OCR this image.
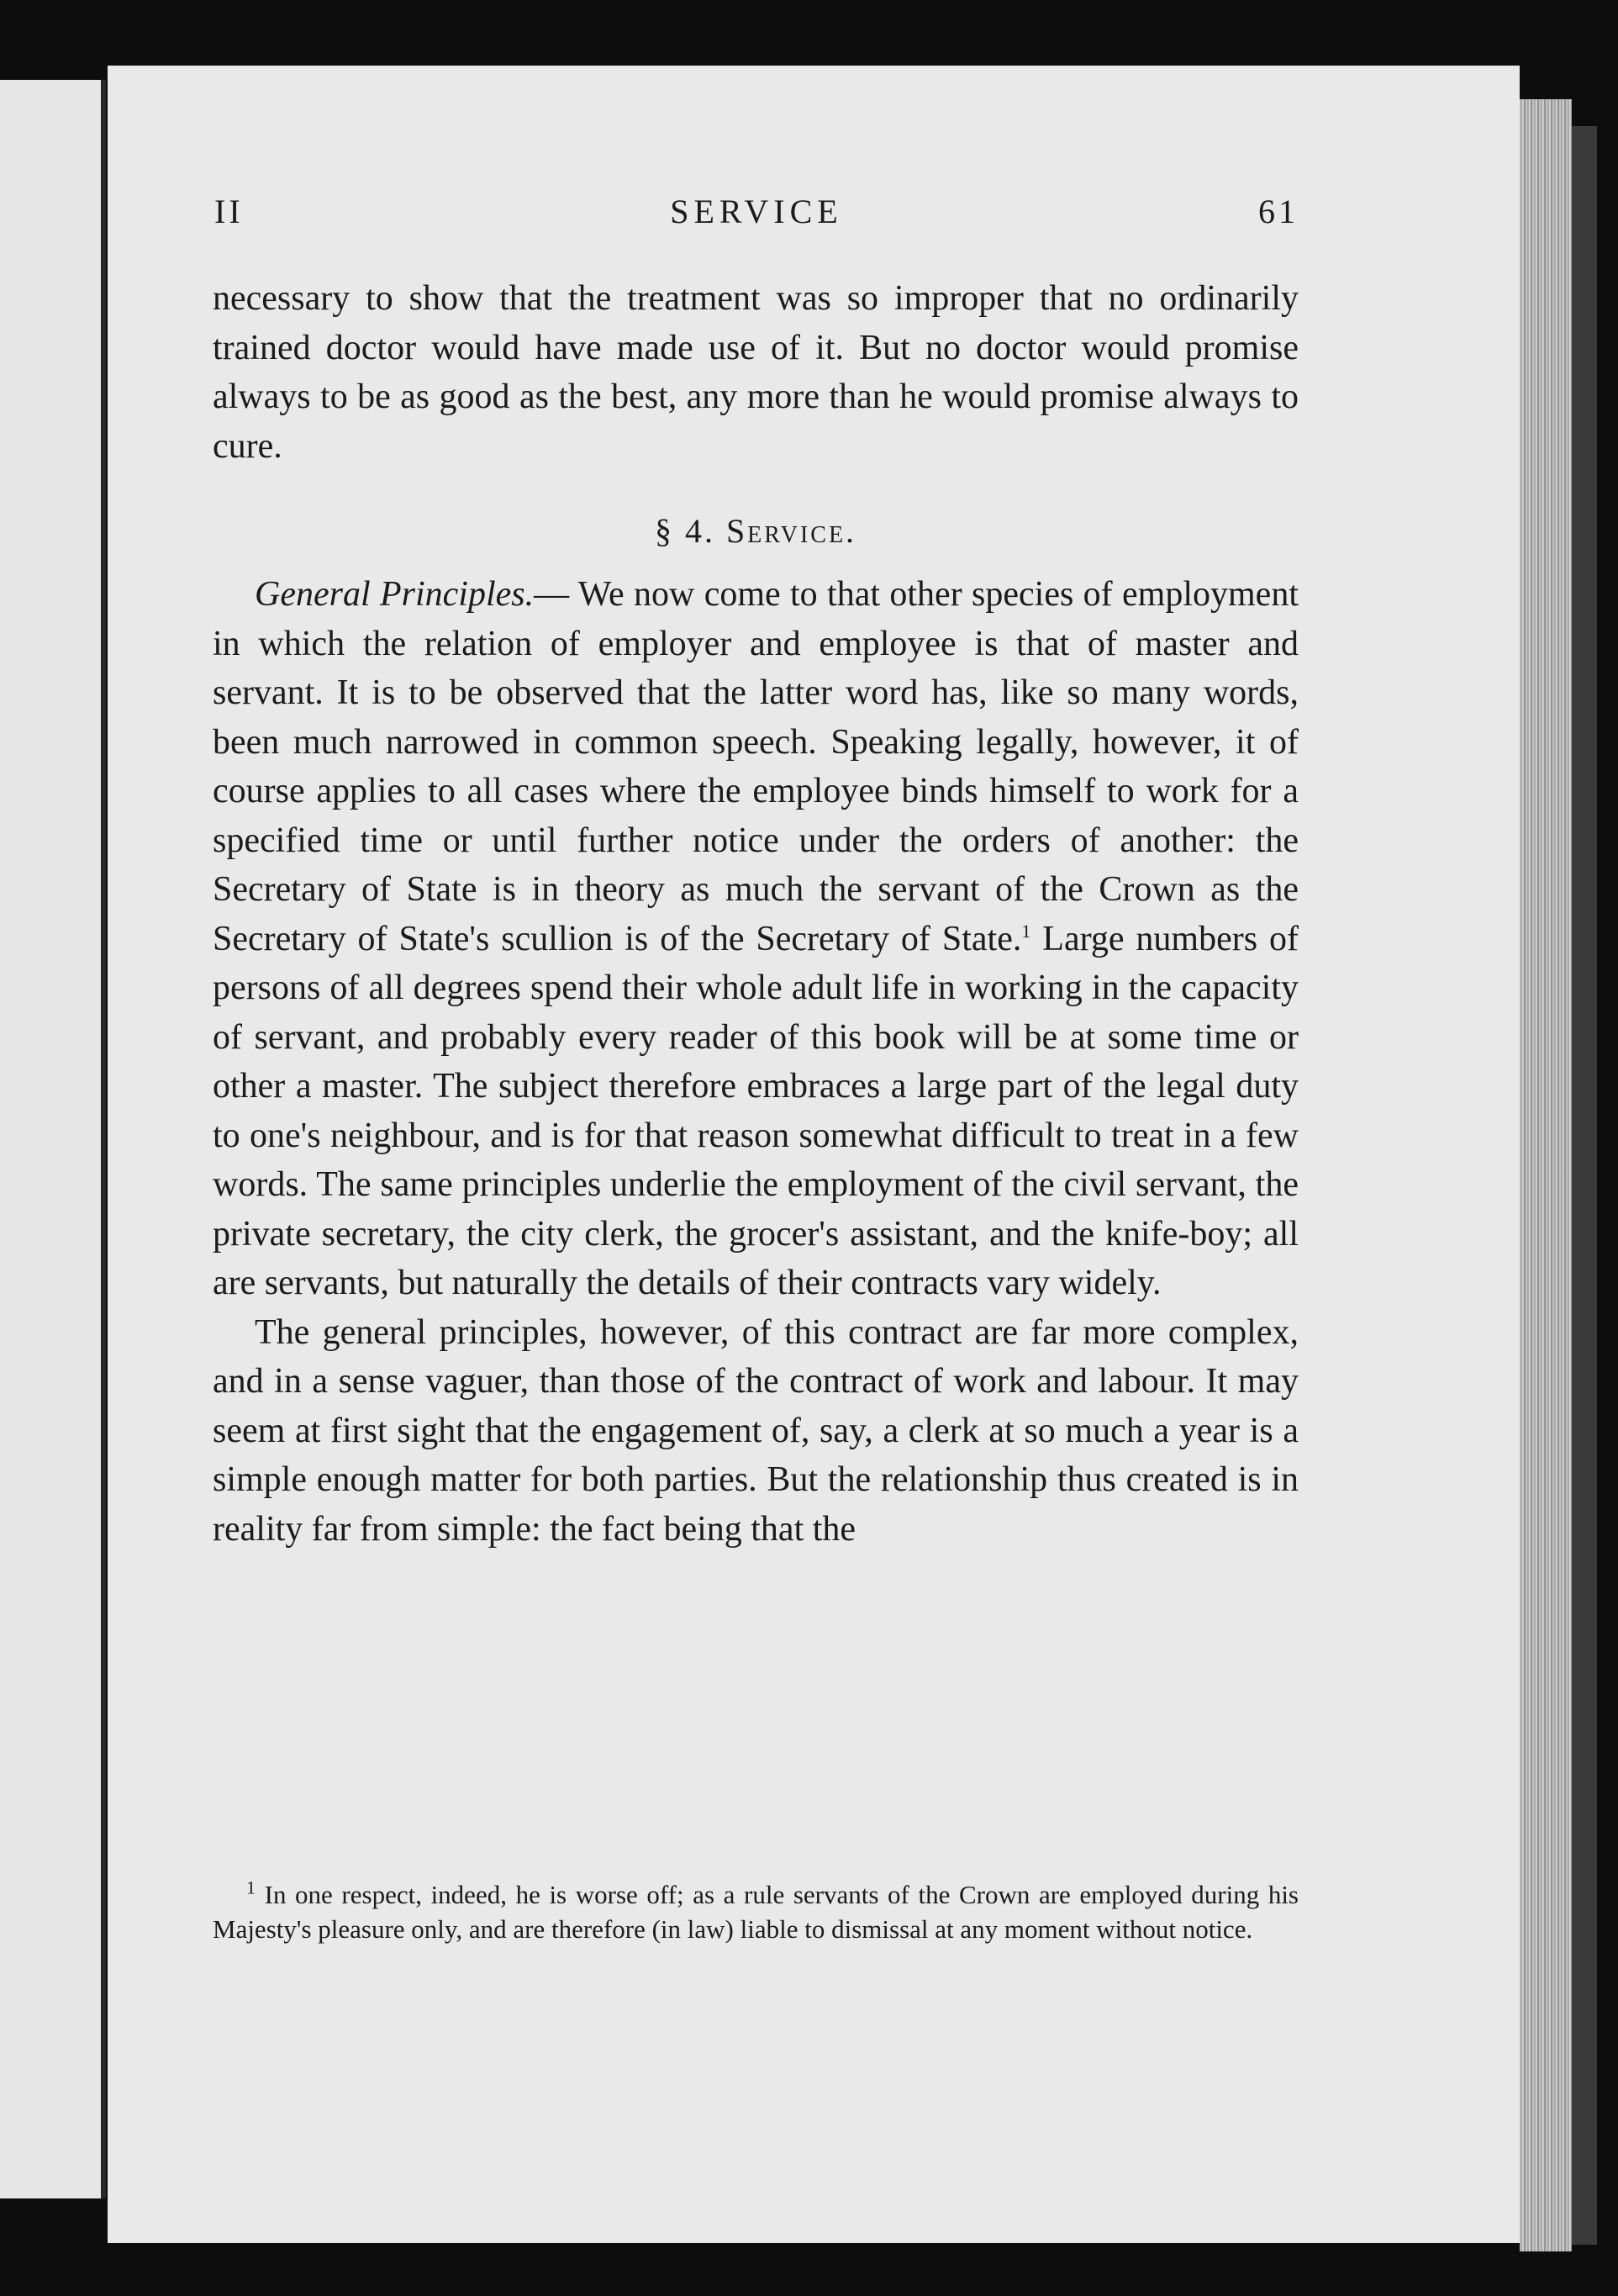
II	SERVICE	61

necessary to show that the treatment was so improper that no ordinarily trained doctor would have made use of it. But no doctor would promise always to be as good as the best, any more than he would promise always to cure.

§ 4. Service.

General Principles.— We now come to that other species of employment in which the relation of employer and employee is that of master and servant. It is to be observed that the latter word has, like so many words, been much narrowed in common speech. Speaking legally, however, it of course applies to all cases where the employee binds himself to work for a specified time or until further notice under the orders of another: the Secretary of State is in theory as much the servant of the Crown as the Secretary of State's scullion is of the Secretary of State.$^1$ Large numbers of persons of all degrees spend their whole adult life in working in the capacity of servant, and probably every reader of this book will be at some time or other a master. The subject therefore embraces a large part of the legal duty to one's neighbour, and is for that reason somewhat difficult to treat in a few words. The same principles underlie the employment of the civil servant, the private secretary, the city clerk, the grocer's assistant, and the knife-boy; all are servants, but naturally the details of their contracts vary widely.

The general principles, however, of this contract are far more complex, and in a sense vaguer, than those of the contract of work and labour. It may seem at first sight that the engagement of, say, a clerk at so much a year is a simple enough matter for both parties. But the relationship thus created is in reality far from simple: the fact being that the

$^1$ In one respect, indeed, he is worse off; as a rule servants of the Crown are employed during his Majesty's pleasure only, and are therefore (in law) liable to dismissal at any moment without notice.
